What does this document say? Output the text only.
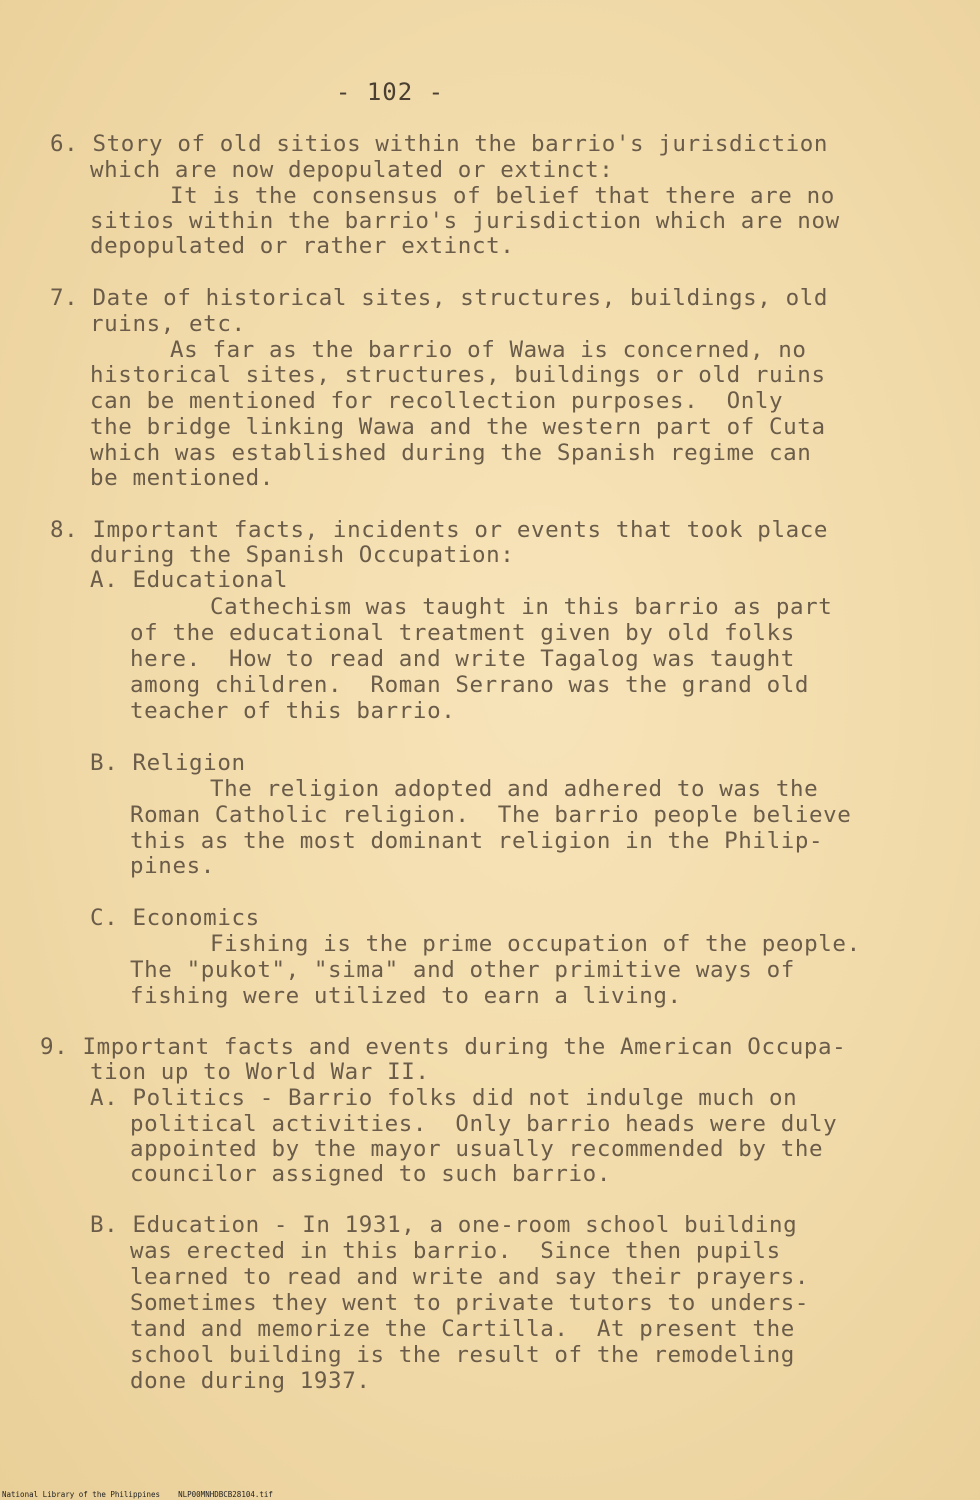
- 102 -
6. Story of old sitios within the barrio's jurisdiction
which are now depopulated or extinct:
It is the consensus of belief that there are no
sitios within the barrio's jurisdiction which are now
depopulated or rather extinct.
7. Date of historical sites, structures, buildings, old
ruins, etc.
As far as the barrio of Wawa is concerned, no
historical sites, structures, buildings or old ruins
can be mentioned for recollection purposes.  Only
the bridge linking Wawa and the western part of Cuta
which was established during the Spanish regime can
be mentioned.
8. Important facts, incidents or events that took place
during the Spanish Occupation:
A. Educational
Cathechism was taught in this barrio as part
of the educational treatment given by old folks
here.  How to read and write Tagalog was taught
among children.  Roman Serrano was the grand old
teacher of this barrio.
B. Religion
The religion adopted and adhered to was the
Roman Catholic religion.  The barrio people believe
this as the most dominant religion in the Philip-
pines.
C. Economics
Fishing is the prime occupation of the people.
The "pukot", "sima" and other primitive ways of
fishing were utilized to earn a living.
9. Important facts and events during the American Occupa-
tion up to World War II.
A. Politics - Barrio folks did not indulge much on
political activities.  Only barrio heads were duly
appointed by the mayor usually recommended by the
councilor assigned to such barrio.
B. Education - In 1931, a one-room school building
was erected in this barrio.  Since then pupils
learned to read and write and say their prayers.
Sometimes they went to private tutors to unders-
tand and memorize the Cartilla.  At present the
school building is the result of the remodeling
done during 1937.
National Library of the Philippines    NLP00MNHDBCB28104.tif
